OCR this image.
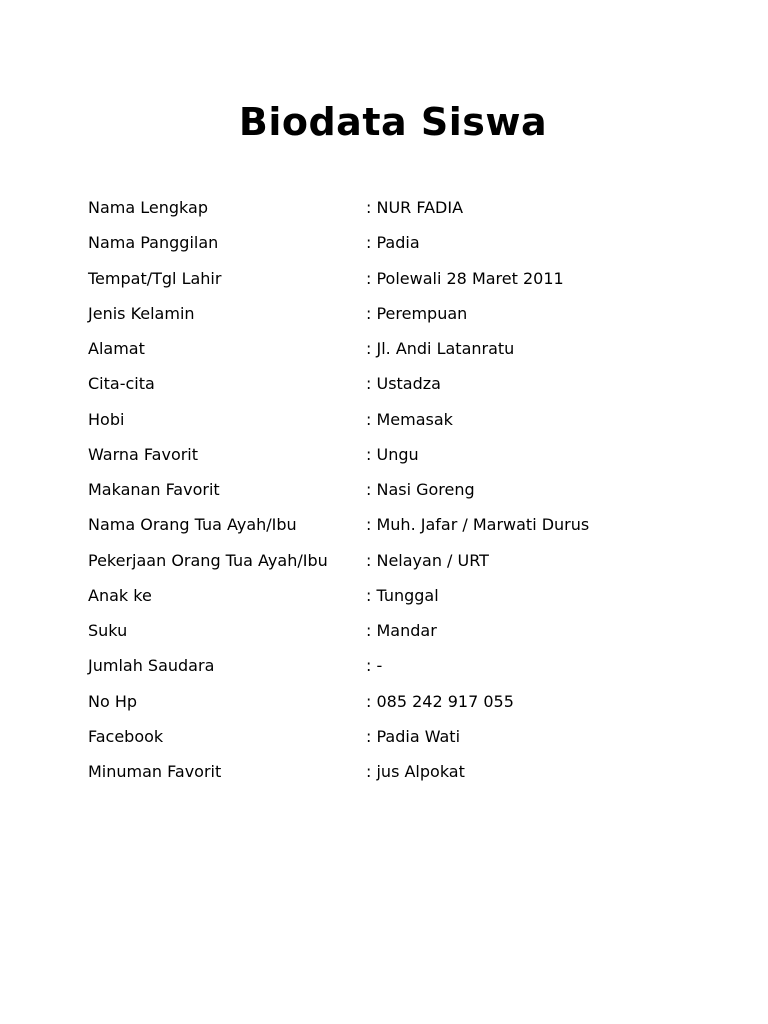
Biodata Siswa
Nama Lengkap	: NUR FADIA
Nama Panggilan	: Padia
Tempat/Tgl Lahir	: Polewali 28 Maret 2011
Jenis Kelamin	: Perempuan
Alamat	: Jl. Andi Latanratu
Cita-cita	: Ustadza
Hobi	: Memasak
Warna Favorit	: Ungu
Makanan Favorit	: Nasi Goreng
Nama Orang Tua Ayah/Ibu	: Muh. Jafar / Marwati Durus
Pekerjaan Orang Tua Ayah/Ibu : Nelayan / URT
Anak ke	: Tunggal
Suku	: Mandar
Jumlah Saudara	: -
No Hp	: 085 242 917 055
Facebook	: Padia Wati
Minuman Favorit	: jus Alpokat
